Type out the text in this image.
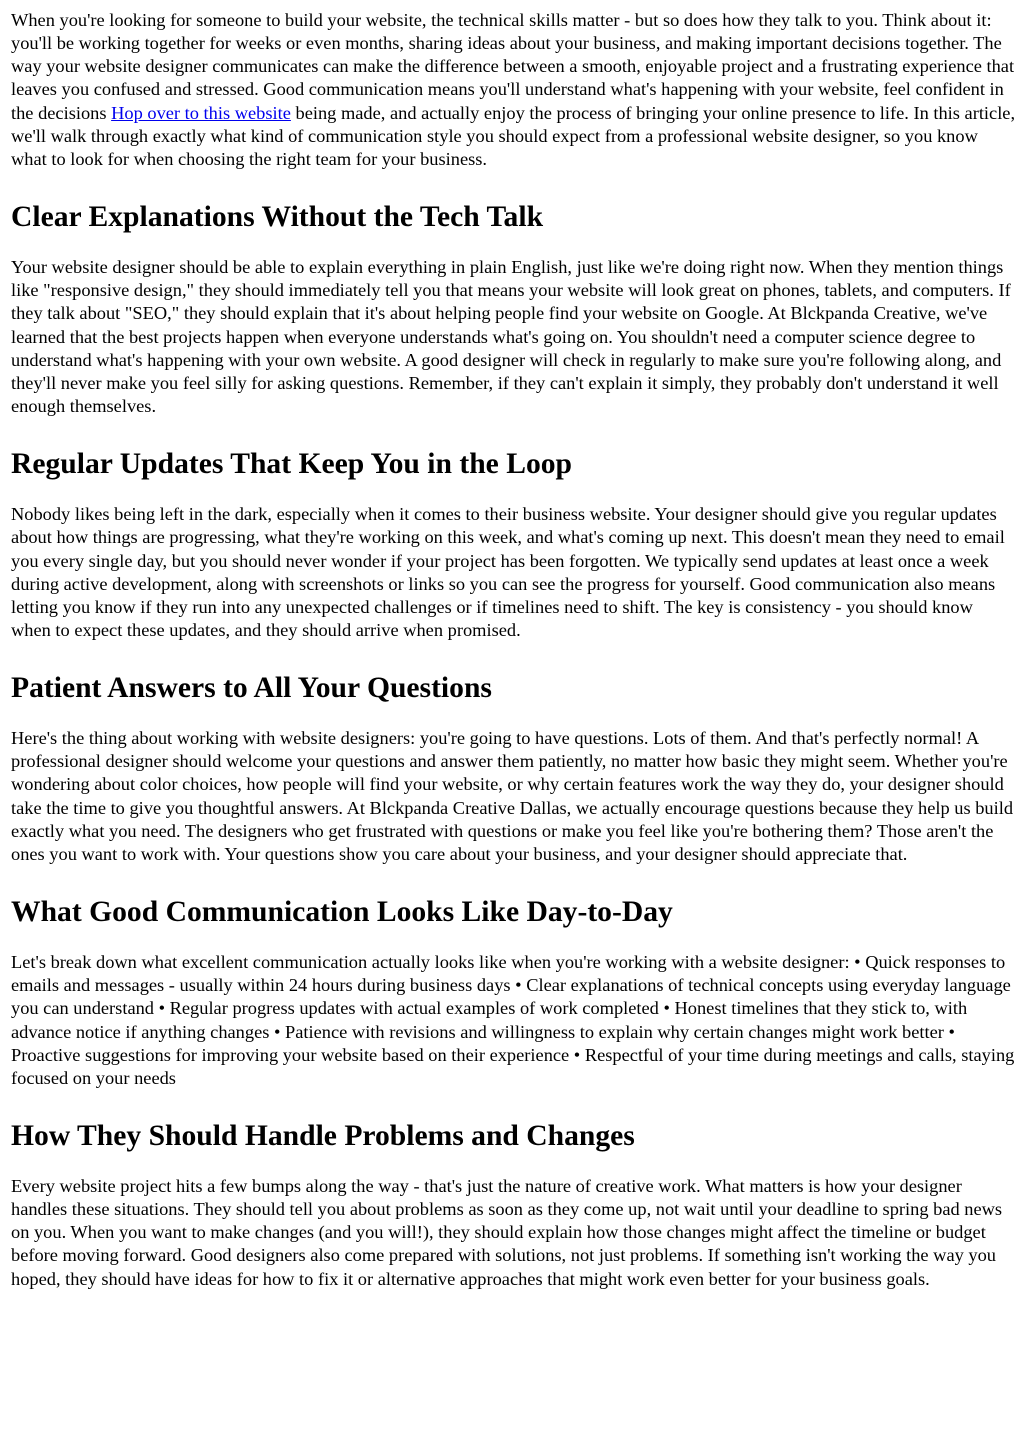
When you're looking for someone to build your website, the technical skills matter - but so does how they talk to you. Think about it: you'll be working together for weeks or even months, sharing ideas about your business, and making important decisions together. The way your website designer communicates can make the difference between a smooth, enjoyable project and a frustrating experience that leaves you confused and stressed. Good communication means you'll understand what's happening with your website, feel confident in the decisions Hop over to this website being made, and actually enjoy the process of bringing your online presence to life. In this article, we'll walk through exactly what kind of communication style you should expect from a professional website designer, so you know what to look for when choosing the right team for your business.

Clear Explanations Without the Tech Talk

Your website designer should be able to explain everything in plain English, just like we're doing right now. When they mention things like "responsive design," they should immediately tell you that means your website will look great on phones, tablets, and computers. If they talk about "SEO," they should explain that it's about helping people find your website on Google. At Blckpanda Creative, we've learned that the best projects happen when everyone understands what's going on. You shouldn't need a computer science degree to understand what's happening with your own website. A good designer will check in regularly to make sure you're following along, and they'll never make you feel silly for asking questions. Remember, if they can't explain it simply, they probably don't understand it well enough themselves.

Regular Updates That Keep You in the Loop

Nobody likes being left in the dark, especially when it comes to their business website. Your designer should give you regular updates about how things are progressing, what they're working on this week, and what's coming up next. This doesn't mean they need to email you every single day, but you should never wonder if your project has been forgotten. We typically send updates at least once a week during active development, along with screenshots or links so you can see the progress for yourself. Good communication also means letting you know if they run into any unexpected challenges or if timelines need to shift. The key is consistency - you should know when to expect these updates, and they should arrive when promised.

Patient Answers to All Your Questions

Here's the thing about working with website designers: you're going to have questions. Lots of them. And that's perfectly normal! A professional designer should welcome your questions and answer them patiently, no matter how basic they might seem. Whether you're wondering about color choices, how people will find your website, or why certain features work the way they do, your designer should take the time to give you thoughtful answers. At Blckpanda Creative Dallas, we actually encourage questions because they help us build exactly what you need. The designers who get frustrated with questions or make you feel like you're bothering them? Those aren't the ones you want to work with. Your questions show you care about your business, and your designer should appreciate that.

What Good Communication Looks Like Day-to-Day

Let's break down what excellent communication actually looks like when you're working with a website designer: • Quick responses to emails and messages - usually within 24 hours during business days • Clear explanations of technical concepts using everyday language you can understand • Regular progress updates with actual examples of work completed • Honest timelines that they stick to, with advance notice if anything changes • Patience with revisions and willingness to explain why certain changes might work better • Proactive suggestions for improving your website based on their experience • Respectful of your time during meetings and calls, staying focused on your needs

How They Should Handle Problems and Changes

Every website project hits a few bumps along the way - that's just the nature of creative work. What matters is how your designer handles these situations. They should tell you about problems as soon as they come up, not wait until your deadline to spring bad news on you. When you want to make changes (and you will!), they should explain how those changes might affect the timeline or budget before moving forward. Good designers also come prepared with solutions, not just problems. If something isn't working the way you hoped, they should have ideas for how to fix it or alternative approaches that might work even better for your business goals.
